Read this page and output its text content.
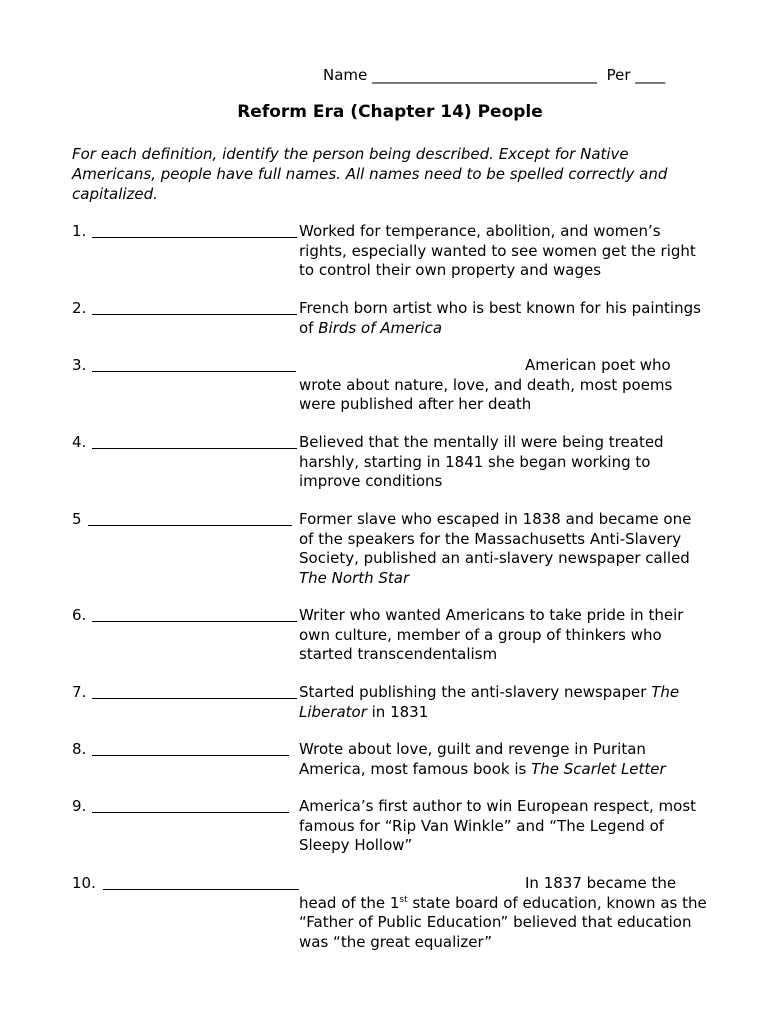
Name ______________________________ Per ____
Reform Era (Chapter 14) People
For each definition, identify the person being described. Except for Native Americans, people have full names. All names need to be spelled correctly and capitalized.
1.	Worked for temperance, abolition, and women’s rights, especially wanted to see women get the right to control their own property and wages
2.	French born artist who is best known for his paintings of Birds of America
3.	American poet who wrote about nature, love, and death, most poems were published after her death
4.	Believed that the mentally ill were being treated harshly, starting in 1841 she began working to improve conditions
5	Former slave who escaped in 1838 and became one of the speakers for the Massachusetts Anti-Slavery Society, published an anti-slavery newspaper called The North Star
6.	Writer who wanted Americans to take pride in their own culture, member of a group of thinkers who started transcendentalism
7.	Started publishing the anti-slavery newspaper The Liberator in 1831
8.	Wrote about love, guilt and revenge in Puritan America, most famous book is The Scarlet Letter
9.	America’s first author to win European respect, most famous for “Rip Van Winkle” and “The Legend of Sleepy Hollow”
10.	In 1837 became the head of the 1st state board of education, known as the “Father of Public Education” believed that education was “the great equalizer”
